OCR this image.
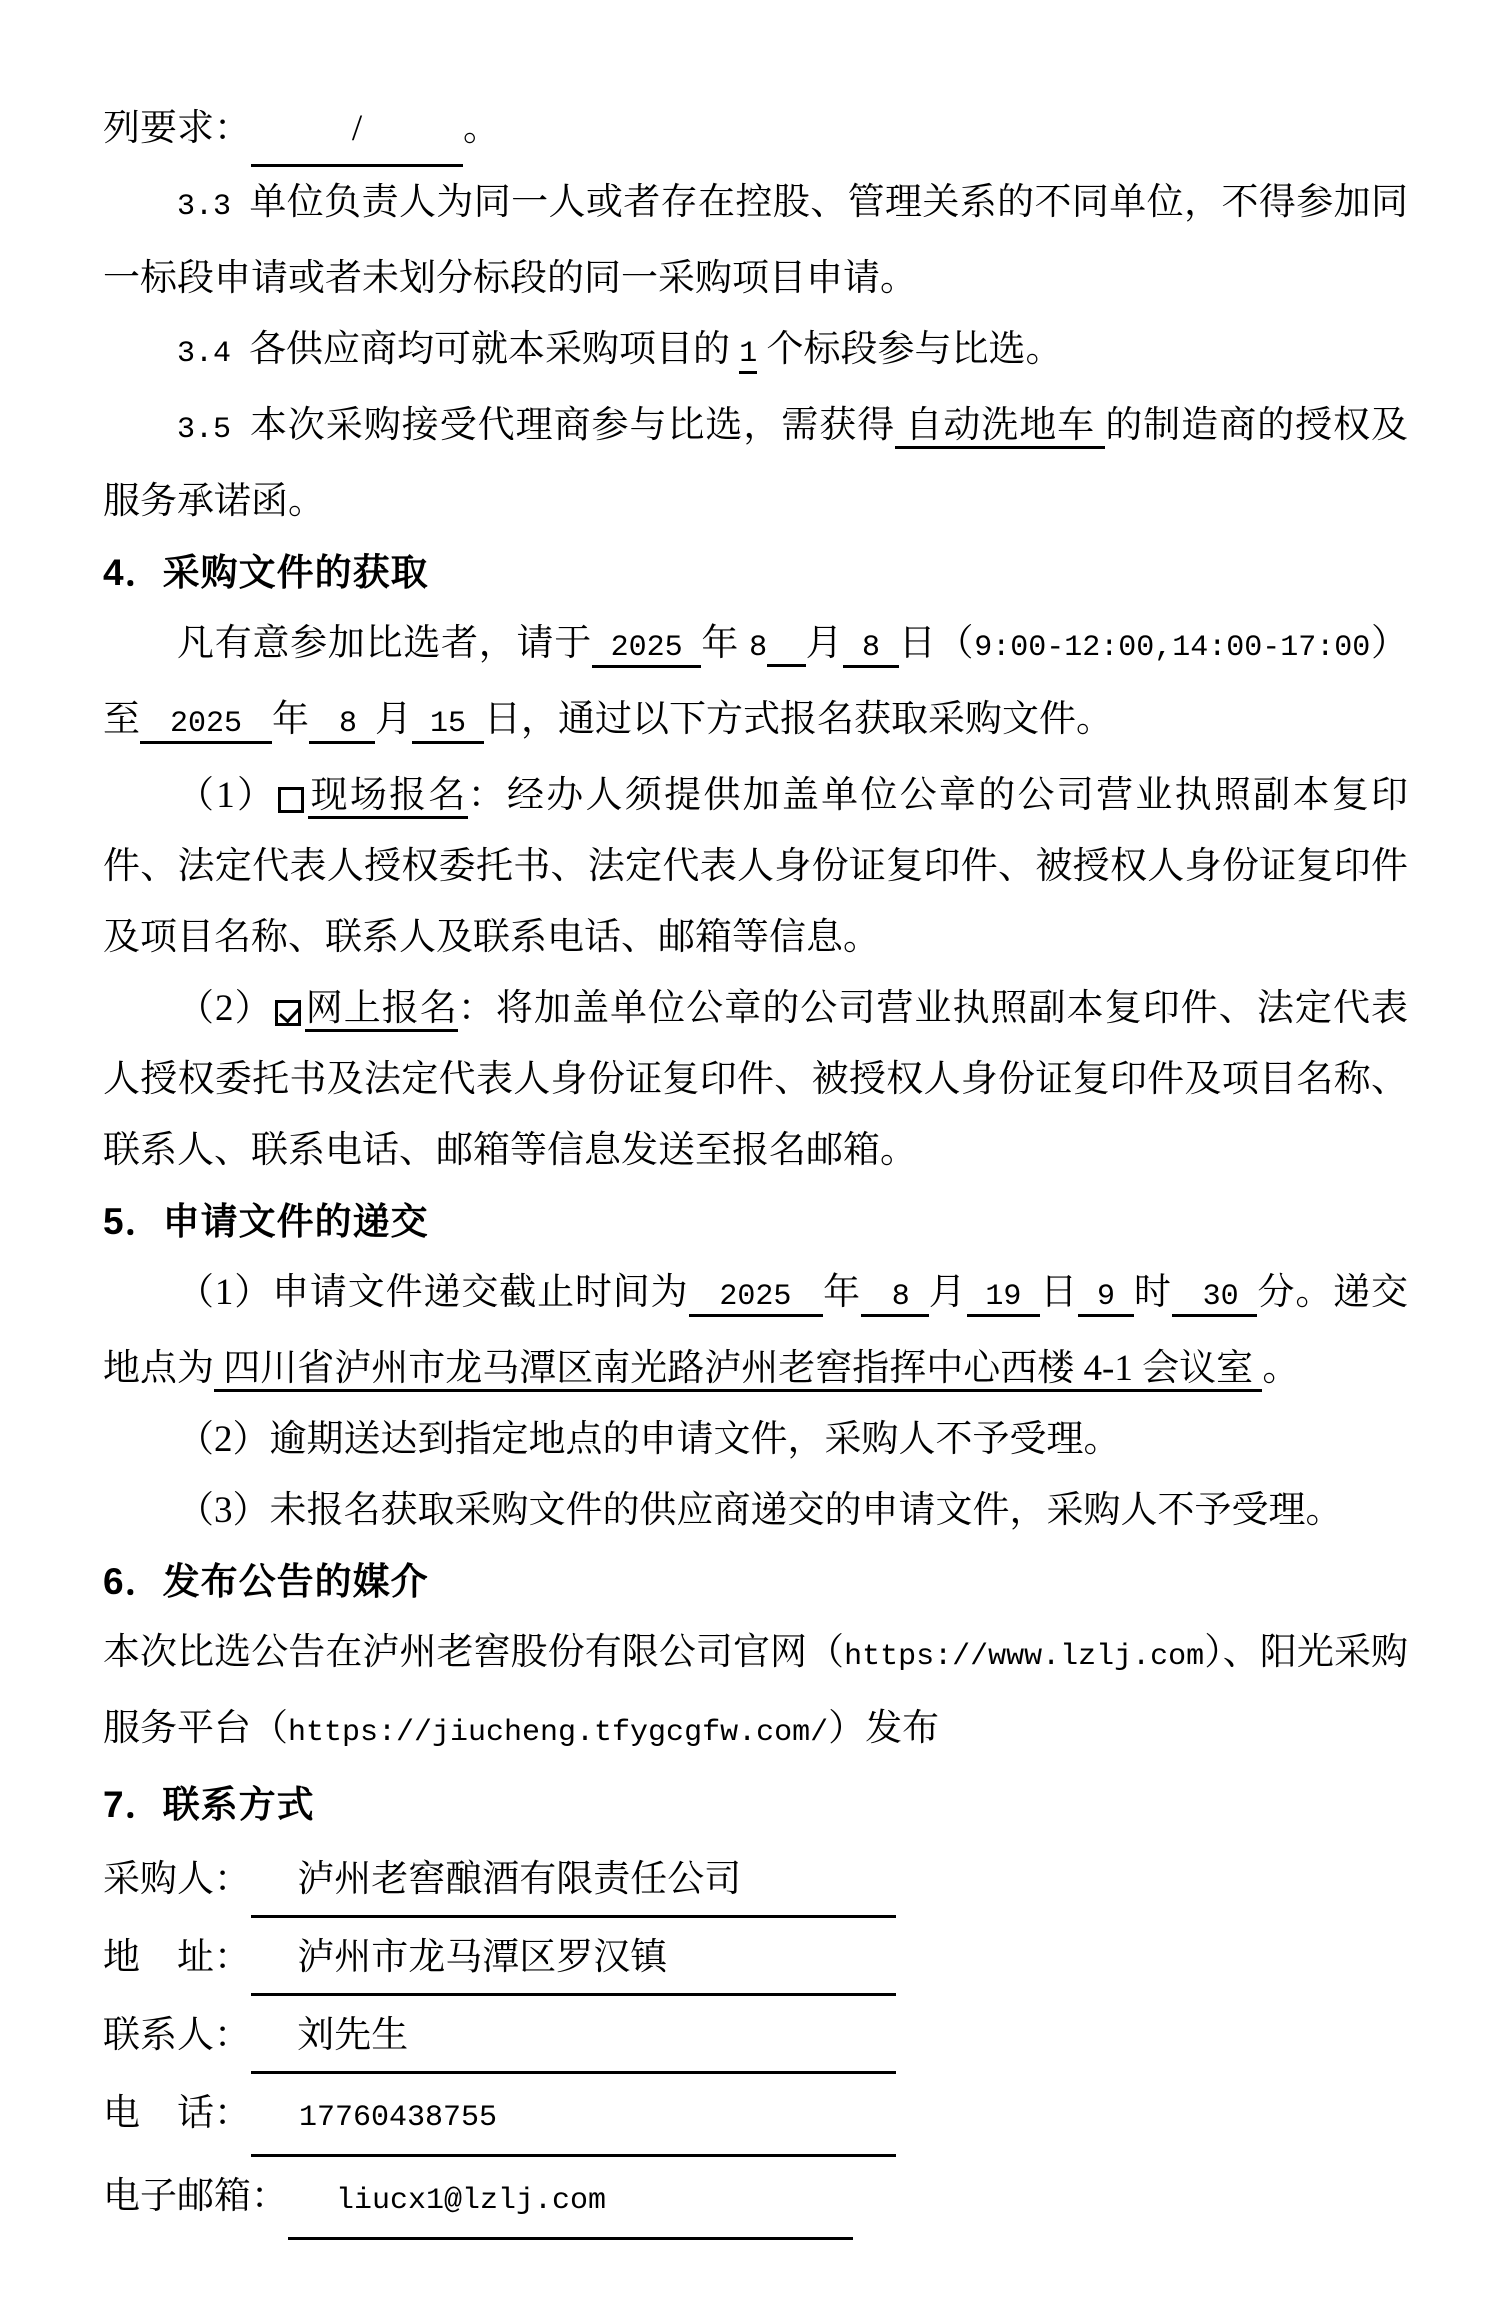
列要求：　　 / 　　。

3.3 单位负责人为同一人或者存在控股、管理关系的不同单位，不得参加同一标段申请或者未划分标段的同一采购项目申请。

3.4 各供应商均可就本采购项目的 1 个标段参与比选。

3.5 本次采购接受代理商参与比选，需获得 自动洗地车 的制造商的授权及服务承诺函。

4．采购文件的获取

凡有意参加比选者，请于 2025 年 8　 月 8 日（9:00-12:00,14:00-17:00）至　2025　年　8 月 15 日，通过以下方式报名获取采购文件。

（1） 现场报名：经办人须提供加盖单位公章的公司营业执照副本复印件、法定代表人授权委托书、法定代表人身份证复印件、被授权人身份证复印件及项目名称、联系人及联系电话、邮箱等信息。

（2） 网上报名：将加盖单位公章的公司营业执照副本复印件、法定代表人授权委托书及法定代表人身份证复印件、被授权人身份证复印件及项目名称、联系人、联系电话、邮箱等信息发送至报名邮箱。

5．申请文件的递交

（1）申请文件递交截止时间为　2025　年　8 月 19 日 9 时　30 分。递交地点为 四川省泸州市龙马潭区南光路泸州老窖指挥中心西楼 4-1 会议室 。

（2）逾期送达到指定地点的申请文件，采购人不予受理。

（3）未报名获取采购文件的供应商递交的申请文件，采购人不予受理。

6．发布公告的媒介

本次比选公告在泸州老窖股份有限公司官网（https://www.lzlj.com）、阳光采购服务平台（https://jiucheng.tfygcgfw.com/）发布

7．联系方式

采购人：　 泸州老窖酿酒有限责任公司

地　址：　 泸州市龙马潭区罗汉镇

联系人：　 刘先生

电　话：　 17760438755

电子邮箱：　 liucx1@lzlj.com
